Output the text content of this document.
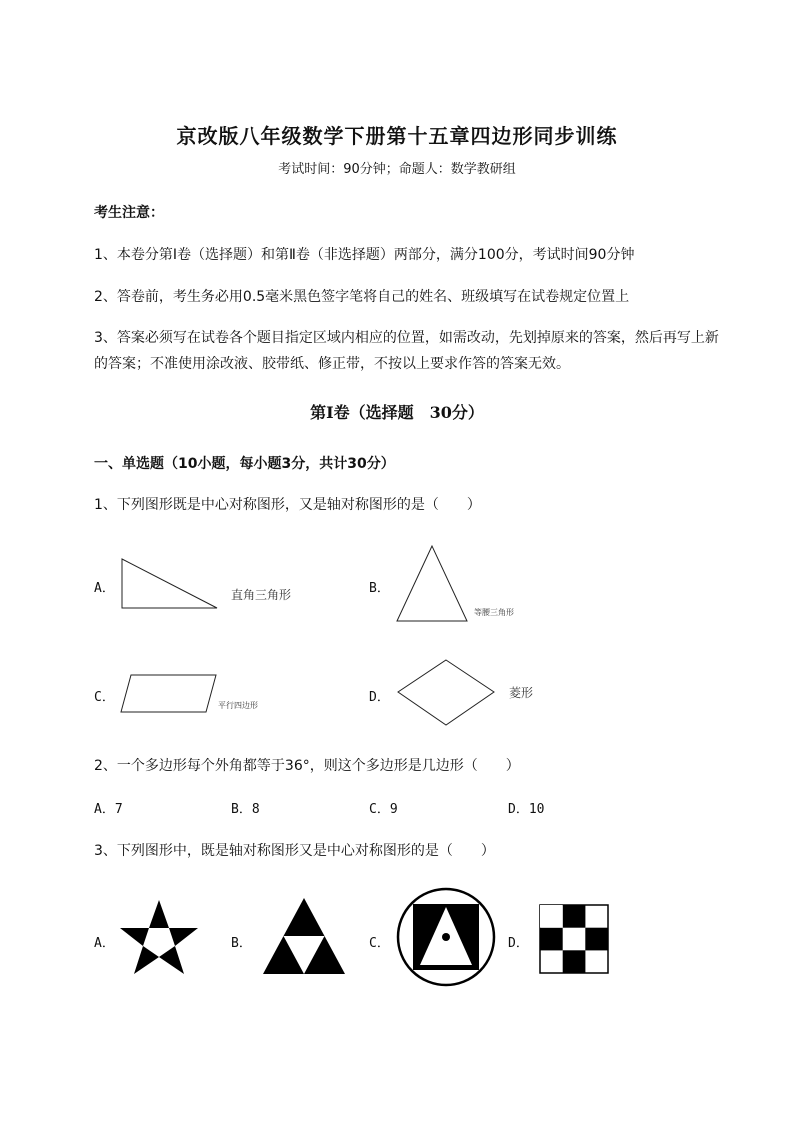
京改版八年级数学下册第十五章四边形同步训练
考试时间：90分钟；命题人：数学教研组
考生注意：
1、本卷分第I卷（选择题）和第Ⅱ卷（非选择题）两部分，满分100分，考试时间90分钟
2、答卷前，考生务必用0.5毫米黑色签字笔将自己的姓名、班级填写在试卷规定位置上
3、答案必须写在试卷各个题目指定区域内相应的位置，如需改动，先划掉原来的答案，然后再写上新
的答案；不准使用涂改液、胶带纸、修正带，不按以上要求作答的答案无效。
第I卷（选择题　30分）
一、单选题（10小题，每小题3分，共计30分）
1、下列图形既是中心对称图形，又是轴对称图形的是（　　）
A．	直角三角形	B．
等腰三角形
C．
平行四边形
D．	菱形
2、一个多边形每个外角都等于36°，则这个多边形是几边形（　　）
A．7	B．8	C．9	D．10
3、下列图形中，既是轴对称图形又是中心对称图形的是（　　）
A．	B．	C．	D．
